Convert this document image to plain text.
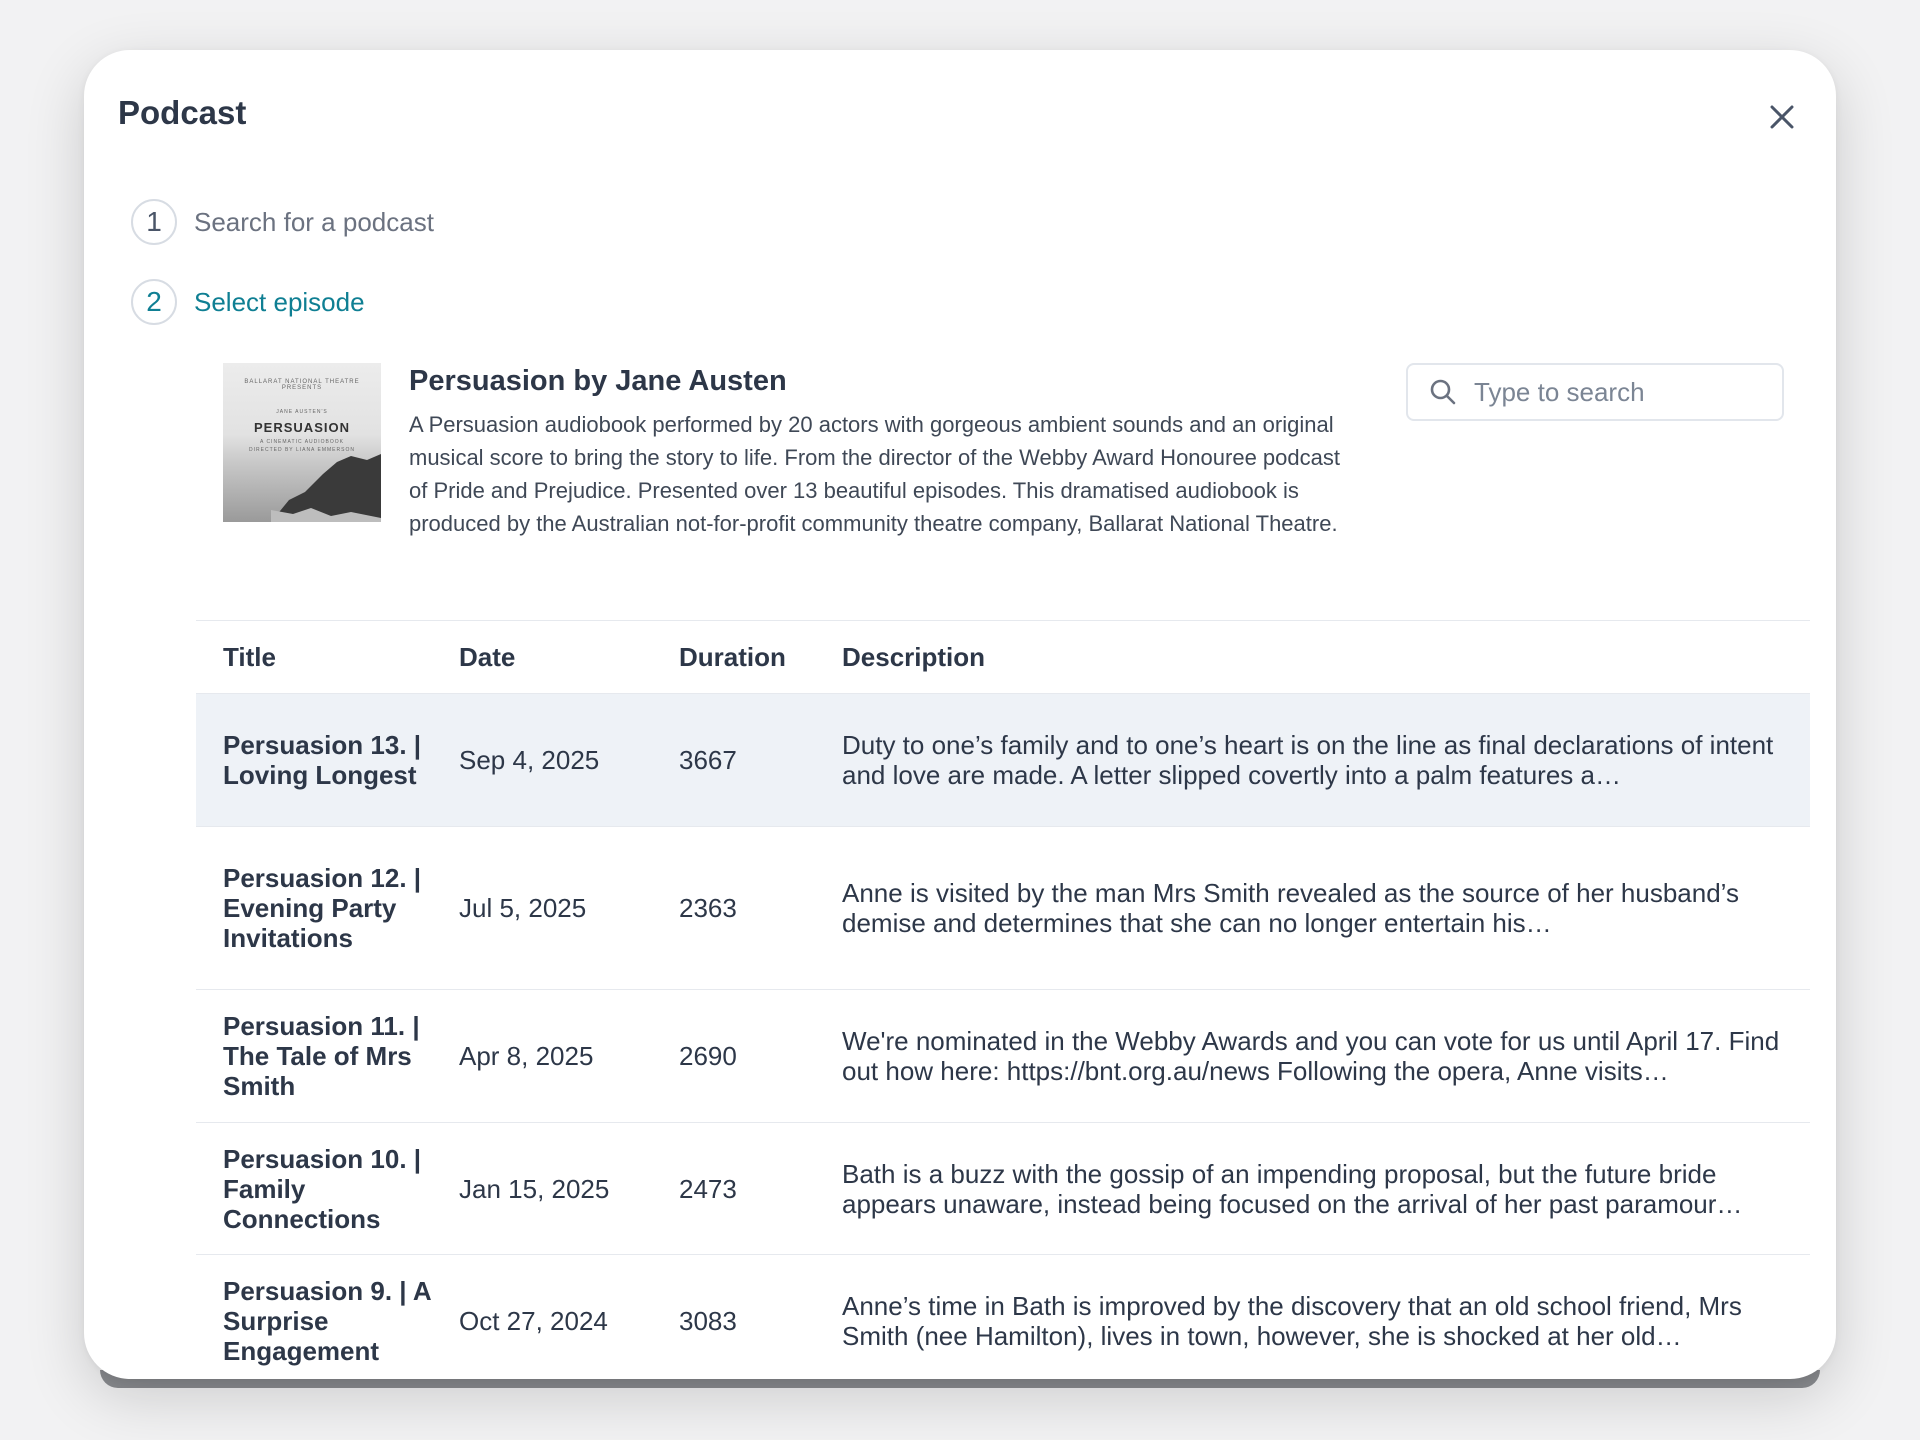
Podcast
1	Search for a podcast
2	Select episode
BALLARAT NATIONAL THEATRE PRESENTS
JANE AUSTEN'S
PERSUASION
A CINEMATIC AUDIOBOOK
DIRECTED BY LIANA EMMERSON
Persuasion by Jane Austen
A Persuasion audiobook performed by 20 actors with gorgeous ambient sounds and an original musical score to bring the story to life. From the director of the Webby Award Honouree podcast of Pride and Prejudice. Presented over 13 beautiful episodes. This dramatised audiobook is produced by the Australian not-for-profit community theatre company, Ballarat National Theatre.
Type to search
Title	Date	Duration	Description
Persuasion 13. | Loving Longest	Sep 4, 2025	3667	Duty to one’s family and to one’s heart is on the line as final declarations of intent and love are made. A letter slipped covertly into a palm features a…

Persuasion 12. | Evening Party Invitations	Jul 5, 2025	2363	Anne is visited by the man Mrs Smith revealed as the source of her husband’s demise and determines that she can no longer entertain his…

Persuasion 11. | The Tale of Mrs Smith	Apr 8, 2025	2690	We're nominated in the Webby Awards and you can vote for us until April 17. Find out how here: https://bnt.org.au/news Following the opera, Anne visits…

Persuasion 10. | Family Connections	Jan 15, 2025	2473	Bath is a buzz with the gossip of an impending proposal, but the future bride appears unaware, instead being focused on the arrival of her past paramour…

Persuasion 9. | A Surprise Engagement	Oct 27, 2024	3083	Anne’s time in Bath is improved by the discovery that an old school friend, Mrs Smith (nee Hamilton), lives in town, however, she is shocked at her old…
